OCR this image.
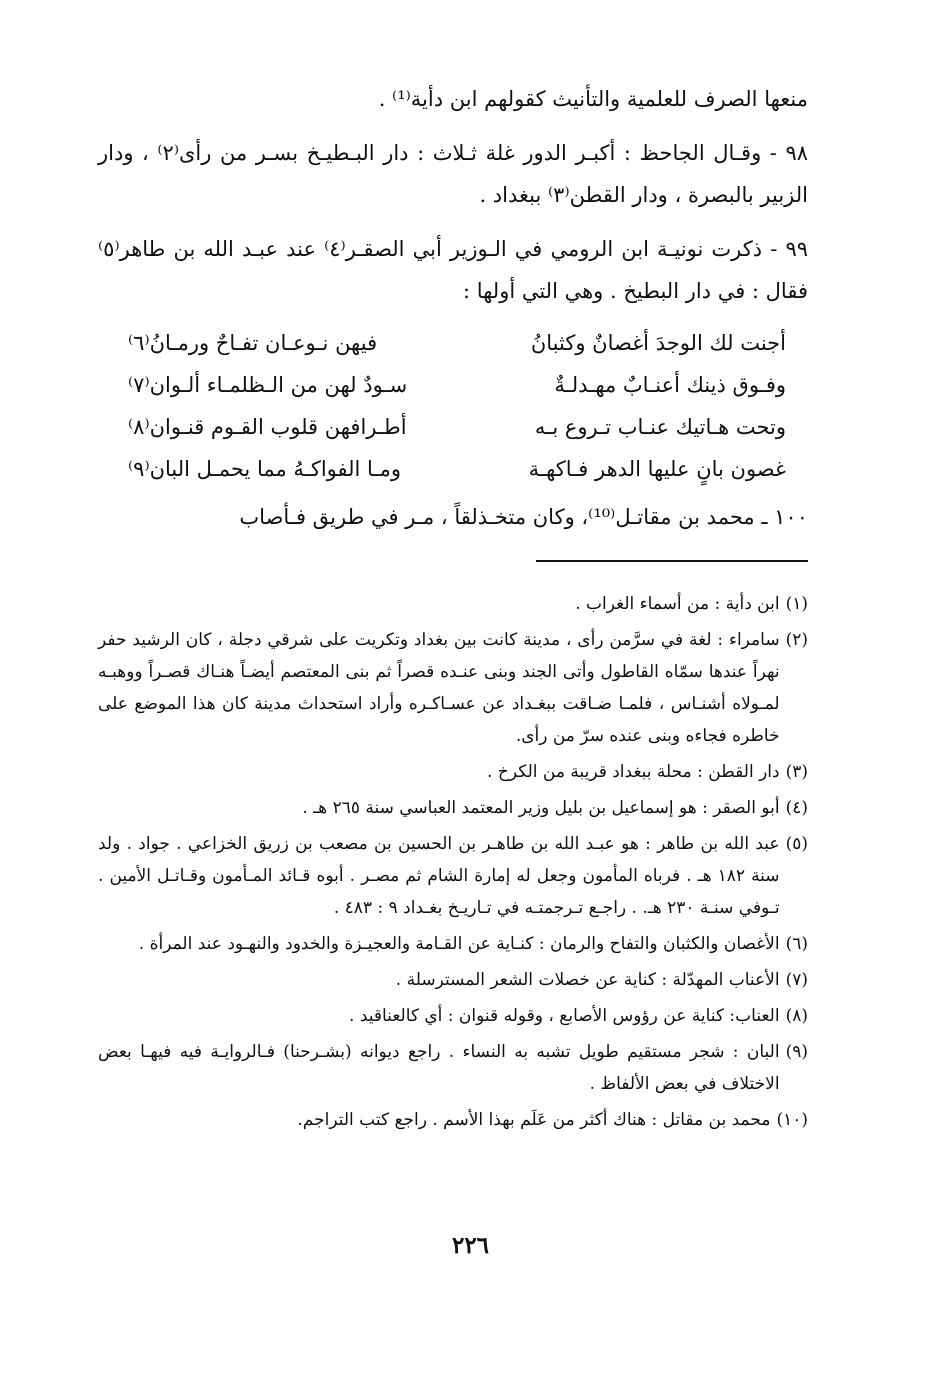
منعها الصرف للعلمية والتأنيث كقولهم ابن دأية⁽¹⁾ .

٩٨ - وقـال الجاحظ : أكبـر الدور غلة ثـلاث : دار البـطيـخ بسـر من رأى⁽٢⁾ ، ودار الزبير بالبصرة ، ودار القطن⁽٣⁾ ببغداد .

٩٩ - ذكرت نونيـة ابن الرومي في الـوزير أبي الصقـر⁽٤⁾ عند عبـد الله بن طاهر⁽٥⁾ فقال : في دار البطيخ . وهي التي أولها :

أجنت لك الوجدَ أغصانٌ وكثبانُ
فيهن نـوعـان تفـاحٌ ورمـانُ⁽٦⁾
وفـوق ذينك أعنـابٌ مهـدلـةٌ
سـودٌ لهن من الـظلمـاء ألـوان⁽٧⁾
وتحت هـاتيك عنـاب تـروع بـه
أطـرافهن قلوب القـوم قنـوان⁽٨⁾
غصون بانٍ عليها الدهر فـاكهـة
ومـا الفواكـهُ مما يحمـل البان⁽٩⁾

١٠٠ ـ محمد بن مقاتـل⁽¹⁰⁾، وكان متخـذلقاً ، مـر في طريق فـأصاب

(١)
ابن دأية : من أسماء الغراب .
(٢)
سامراء : لغة في سرَّمن رأى ، مدينة كانت بين بغداد وتكريت على شرقي دجلة ، كان الرشيد حفر نهراً عندها سمّاه القاطول وأتى الجند وبنى عنـده قصراً ثم بنى المعتصم أيضـاً هنـاك قصـراً ووهبـه لمـولاه أشنـاس ، فلمـا ضـاقت ببغـداد عن عسـاكـره وأراد استحداث مدينة كان هذا الموضع على خاطره فجاءه وبنى عنده سرّ من رأى.
(٣)
دار القطن : محلة ببغداد قريبة من الكرخ .
(٤)
أبو الصقر : هو إسماعيل بن بليل وزير المعتمد العباسي سنة ٢٦٥ هـ .
(٥)
عبد الله بن طاهر : هو عبـد الله بن طاهـر بن الحسين بن مصعب بن زريق الخزاعي . جواد . ولد سنة ١٨٢ هـ . فرباه المأمون وجعل له إمارة الشام ثم مصـر . أبوه قـائد المـأمون وقـاتـل الأمين . تـوفي سنـة ٢٣٠ هـ. . راجـع تـرجمتـه في تـاريـخ بغـداد ٩ : ٤٨٣ .
(٦)
الأغصان والكثبان والتفاح والرمان : كنـاية عن القـامة والعجيـزة والخدود والنهـود عند المرأة .
(٧)
الأعناب المهدّلة : كناية عن خصلات الشعر المسترسلة .
(٨)
العناب: كناية عن رؤوس الأصابع ، وقوله قنوان : أي كالعناقيد .
(٩)
البان : شجر مستقيم طويل تشبه به النساء . راجع ديوانه (بشـرحنا) فـالروايـة فيه فيهـا بعض الاختلاف في بعض الألفاظ .
(١٠)
محمد بن مقاتل : هناك أكثر من عَلَم بهذا الأسم . راجع كتب التراجم.
٢٢٦
